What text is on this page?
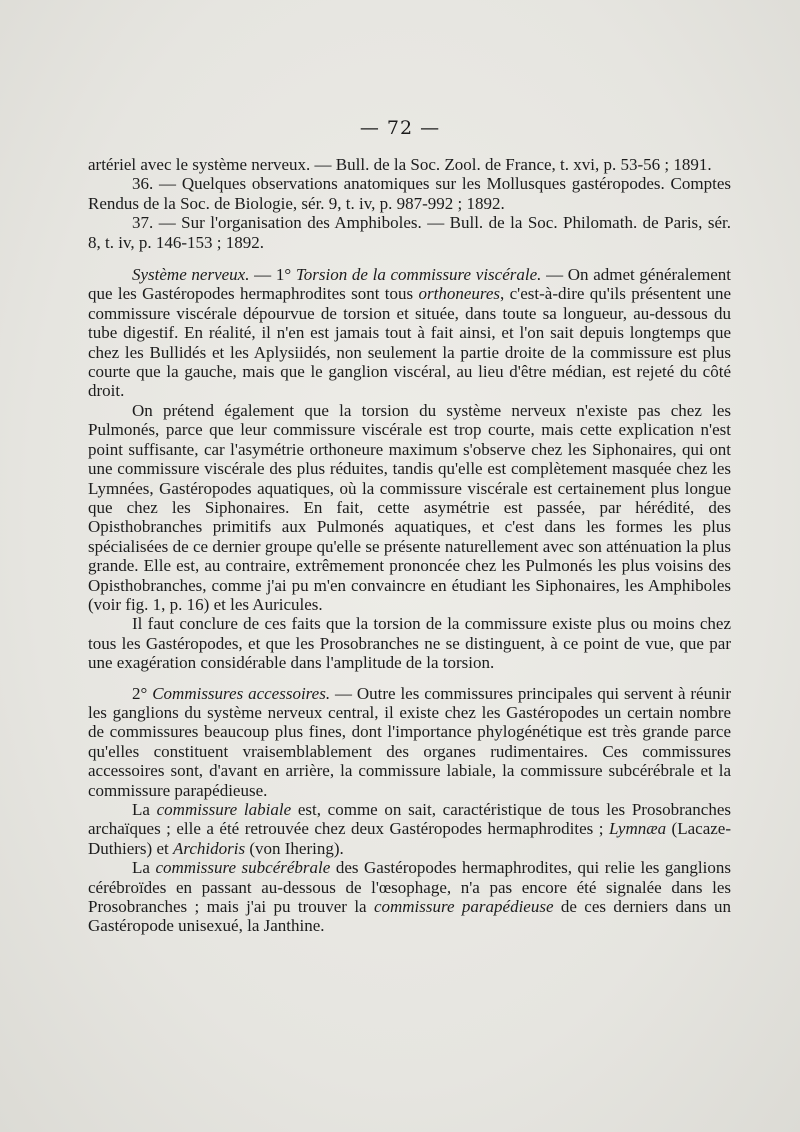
— 72 —

artériel avec le système nerveux. — Bull. de la Soc. Zool. de France, t. xvi, p. 53-56 ; 1891.

36. — Quelques observations anatomiques sur les Mollusques gastéropodes. Comptes Rendus de la Soc. de Biologie, sér. 9, t. iv, p. 987-992 ; 1892.

37. — Sur l'organisation des Amphiboles. — Bull. de la Soc. Philomath. de Paris, sér. 8, t. iv, p. 146-153 ; 1892.

Système nerveux. — 1° Torsion de la commissure viscérale. — On admet généralement que les Gastéropodes hermaphrodites sont tous orthoneures, c'est-à-dire qu'ils présentent une commissure viscérale dépourvue de torsion et située, dans toute sa longueur, au-dessous du tube digestif. En réalité, il n'en est jamais tout à fait ainsi, et l'on sait depuis longtemps que chez les Bullidés et les Aplysiidés, non seulement la partie droite de la commissure est plus courte que la gauche, mais que le ganglion viscéral, au lieu d'être médian, est rejeté du côté droit.

On prétend également que la torsion du système nerveux n'existe pas chez les Pulmonés, parce que leur commissure viscérale est trop courte, mais cette explication n'est point suffisante, car l'asymétrie orthoneure maximum s'observe chez les Siphonaires, qui ont une commissure viscérale des plus réduites, tandis qu'elle est complètement masquée chez les Lymnées, Gastéropodes aquatiques, où la commissure viscérale est certainement plus longue que chez les Siphonaires. En fait, cette asymétrie est passée, par hérédité, des Opisthobranches primitifs aux Pulmonés aquatiques, et c'est dans les formes les plus spécialisées de ce dernier groupe qu'elle se présente naturellement avec son atténuation la plus grande. Elle est, au contraire, extrêmement prononcée chez les Pulmonés les plus voisins des Opisthobranches, comme j'ai pu m'en convaincre en étudiant les Siphonaires, les Amphiboles (voir fig. 1, p. 16) et les Auricules.

Il faut conclure de ces faits que la torsion de la commissure existe plus ou moins chez tous les Gastéropodes, et que les Prosobranches ne se distinguent, à ce point de vue, que par une exagération considérable dans l'amplitude de la torsion.

2° Commissures accessoires. — Outre les commissures principales qui servent à réunir les ganglions du système nerveux central, il existe chez les Gastéropodes un certain nombre de commissures beaucoup plus fines, dont l'importance phylogénétique est très grande parce qu'elles constituent vraisemblablement des organes rudimentaires. Ces commissures accessoires sont, d'avant en arrière, la commissure labiale, la commissure subcérébrale et la commissure parapédieuse.

La commissure labiale est, comme on sait, caractéristique de tous les Prosobranches archaïques ; elle a été retrouvée chez deux Gastéropodes hermaphrodites ; Lymnæa (Lacaze-Duthiers) et Archidoris (von Ihering).

La commissure subcérébrale des Gastéropodes hermaphrodites, qui relie les ganglions cérébroïdes en passant au-dessous de l'œsophage, n'a pas encore été signalée dans les Prosobranches ; mais j'ai pu trouver la commissure parapédieuse de ces derniers dans un Gastéropode unisexué, la Janthine.
